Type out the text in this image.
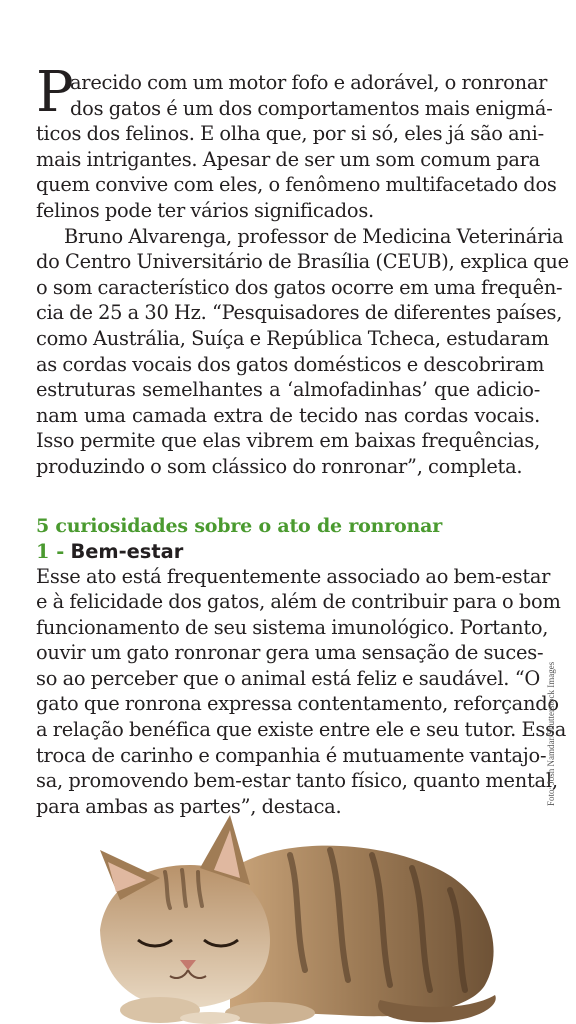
P
arecido com um motor fofo e adorável, o ronronar
dos gatos é um dos comportamentos mais enigmá-
ticos dos felinos. E olha que, por si só, eles já são ani-
mais intrigantes. Apesar de ser um som comum para
quem convive com eles, o fenômeno multifacetado dos
felinos pode ter vários significados.
Bruno Alvarenga, professor de Medicina Veterinária
do Centro Universitário de Brasília (CEUB), explica que
o som característico dos gatos ocorre em uma frequên-
cia de 25 a 30 Hz. “Pesquisadores de diferentes países,
como Austrália, Suíça e República Tcheca, estudaram
as cordas vocais dos gatos domésticos e descobriram
estruturas semelhantes a ‘almofadinhas’ que adicio-
nam uma camada extra de tecido nas cordas vocais.
Isso permite que elas vibrem em baixas frequências,
produzindo o som clássico do ronronar”, completa.
5 curiosidades sobre o ato de ronronar
1 - Bem-estar
Esse ato está frequentemente associado ao bem-estar
e à felicidade dos gatos, além de contribuir para o bom
funcionamento de seu sistema imunológico. Portanto,
ouvir um gato ronronar gera uma sensação de suces-
so ao perceber que o animal está feliz e saudável. “O
gato que ronrona expressa contentamento, reforçando
a relação benéfica que existe entre ele e seu tutor. Essa
troca de carinho e companhia é mutuamente vantajo-
sa, promovendo bem-estar tanto físico, quanto mental,
para ambas as partes”, destaca.
Foto: Josh Namdar/Shutterstock Images
